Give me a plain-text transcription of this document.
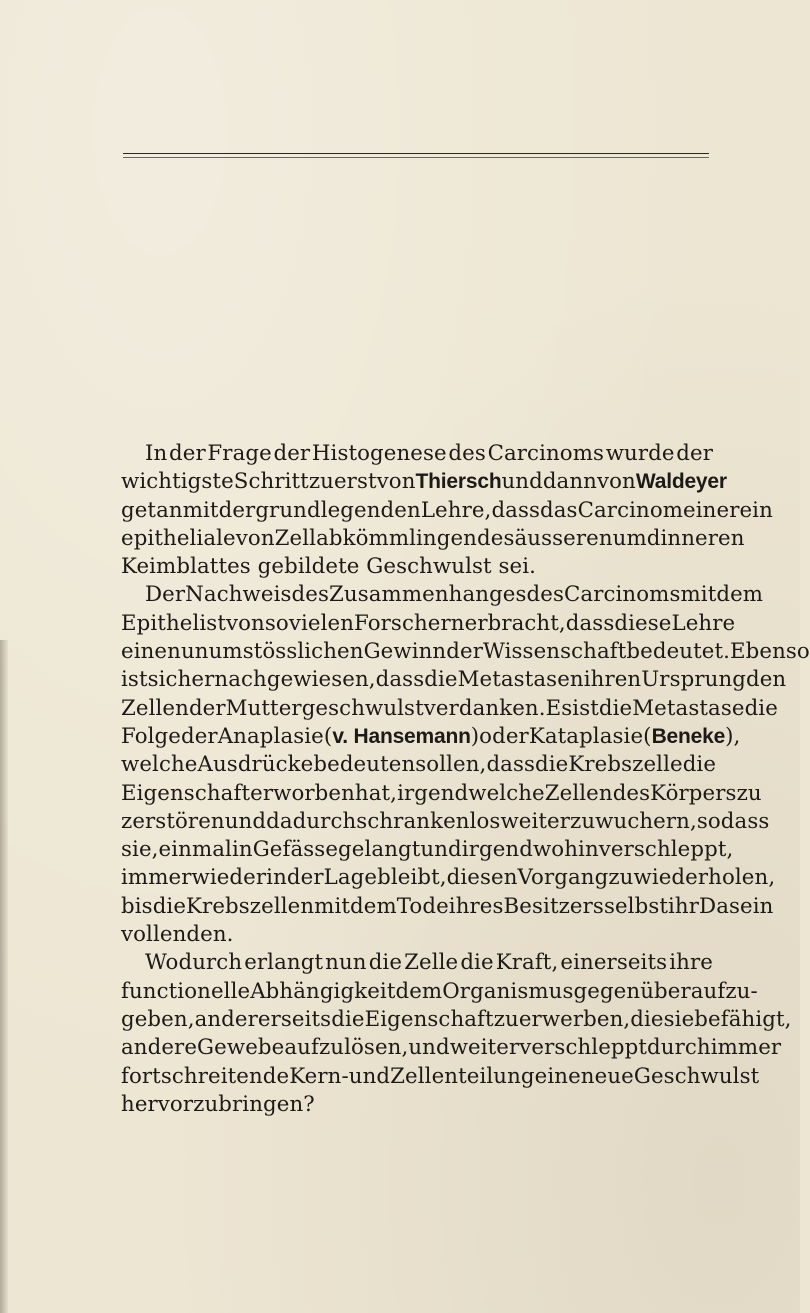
In der Frage der Histogenese des Carcinoms wurde der
wichtigste Schritt zuerst von Thiersch und dann von Waldeyer
getan mit der grundlegenden Lehre, dass das Carcinom eine rein
epitheliale von Zellabkömmlingen des äusseren umd inneren
Keimblattes gebildete Geschwulst sei.
Der Nachweis des Zusammenhanges des Carcinoms mit dem
Epithel ist von so vielen Forschern erbracht, dass diese Lehre
einen unumstösslichen Gewinn der Wissenschaft bedeutet. Ebenso
ist sicher nachgewiesen, dass die Metastasen ihren Ursprung den
Zellen der Muttergeschwulst verdanken. Es ist die Metastase die
Folge der Anaplasie (v. Hansemann) oder Kataplasie (Beneke),
welche Ausdrücke bedeuten sollen, dass die Krebszelle die
Eigenschaft erworben hat, irgend welche Zellen des Körpers zu
zerstören und dadurch schrankenlos weiterzuwuchern, so dass
sie, einmal in Gefässe gelangt und irgend wohin verschleppt,
immer wieder in der Lage bleibt, diesen Vorgang zu wiederholen,
bis die Krebszellen mit dem Tode ihres Besitzers selbst ihr Dasein
vollenden.
Wodurch erlangt nun die Zelle die Kraft, einerseits ihre
functionelle Abhängigkeit dem Organismus gegenüber aufzu-
geben, andererseits die Eigenschaft zu erwerben, die sie befähigt,
andere Gewebe aufzulösen, und weiter verschleppt durch immer
fortschreitende Kern- und Zellenteilung eine neue Geschwulst
hervorzubringen?
